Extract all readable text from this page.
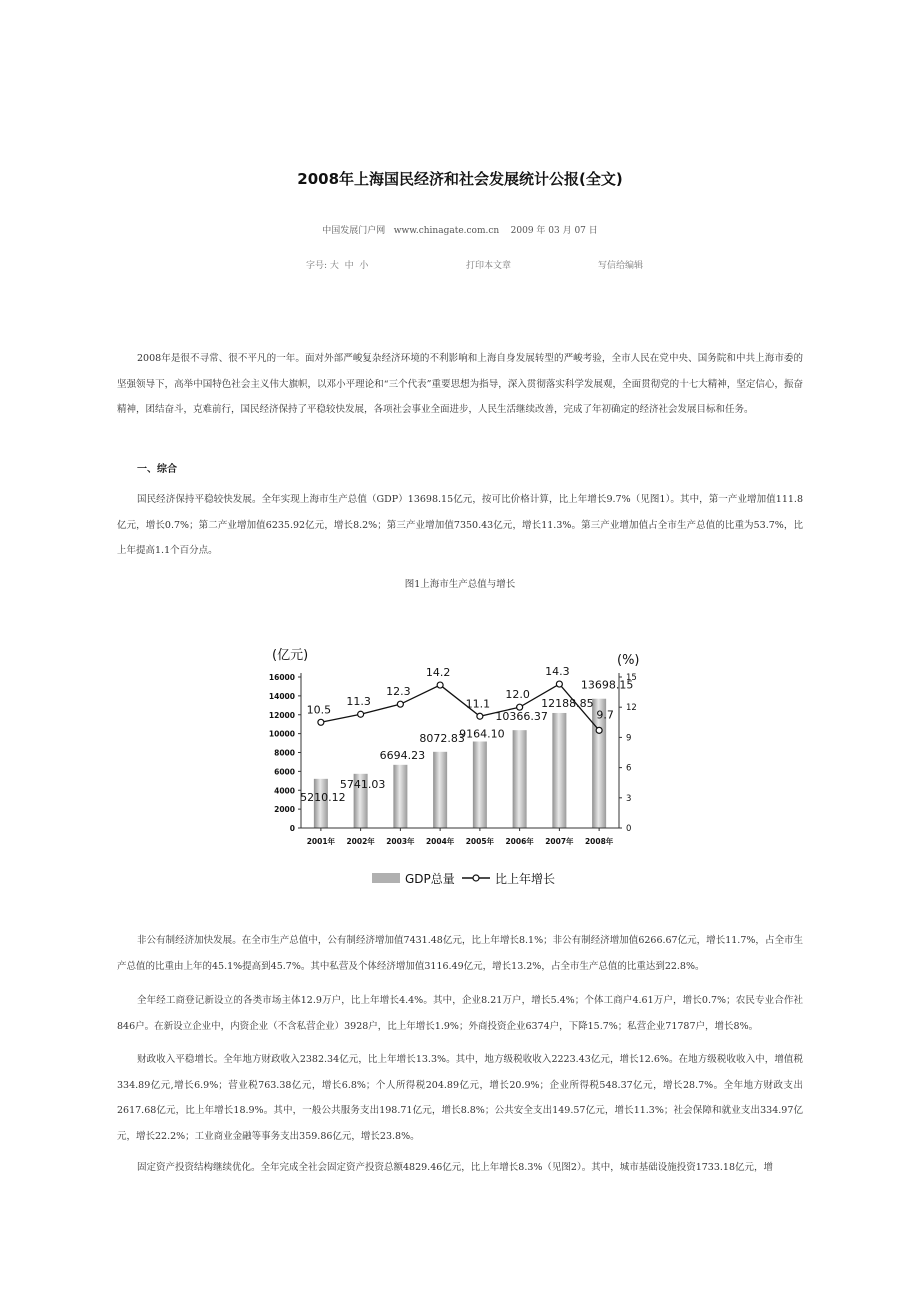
2008年上海国民经济和社会发展统计公报(全文)
中国发展门户网   www.chinagate.com.cn    2009 年 03 月 07 日
字号: 大  中  小	打印本文章	写信给编辑
2008年是很不寻常、很不平凡的一年。面对外部严峻复杂经济环境的不利影响和上海自身发展转型的严峻考验，全市人民在党中央、国务院和中共上海市委的坚强领导下，高举中国特色社会主义伟大旗帜，以邓小平理论和“三个代表”重要思想为指导，深入贯彻落实科学发展观，全面贯彻党的十七大精神，坚定信心，振奋精神，团结奋斗，克难前行，国民经济保持了平稳较快发展，各项社会事业全面进步，人民生活继续改善，完成了年初确定的经济社会发展目标和任务。
一、综合
国民经济保持平稳较快发展。全年实现上海市生产总值（GDP）13698.15亿元，按可比价格计算，比上年增长9.7%（见图1）。其中，第一产业增加值111.8亿元，增长0.7%；第二产业增加值6235.92亿元，增长8.2%；第三产业增加值7350.43亿元，增长11.3%。第三产业增加值占全市生产总值的比重为53.7%，比上年提高1.1个百分点。
图1上海市生产总值与增长
5210.12
5741.03
6694.23
8072.83
9164.10
10366.37
12188.85
13698.15
10.5
11.3
12.3
14.2
11.1
12.0
14.3
9.7
0
2000
4000
6000
8000
10000
12000
14000
16000
0
3
6
9
12
15
2001年 2002年 2003年 2004年 2005年 2006年 2007年 2008年
(亿元)	(%)
GDP总量	比上年增长
非公有制经济加快发展。在全市生产总值中，公有制经济增加值7431.48亿元，比上年增长8.1%；非公有制经济增加值6266.67亿元，增长11.7%，占全市生产总值的比重由上年的45.1%提高到45.7%。其中私营及个体经济增加值3116.49亿元，增长13.2%，占全市生产总值的比重达到22.8%。
全年经工商登记新设立的各类市场主体12.9万户，比上年增长4.4%。其中，企业8.21万户，增长5.4%；个体工商户4.61万户，增长0.7%；农民专业合作社846户。在新设立企业中，内资企业（不含私营企业）3928户，比上年增长1.9%；外商投资企业6374户，下降15.7%；私营企业71787户，增长8%。
财政收入平稳增长。全年地方财政收入2382.34亿元，比上年增长13.3%。其中，地方级税收收入2223.43亿元，增长12.6%。在地方级税收收入中，增值税334.89亿元,增长6.9%；营业税763.38亿元，增长6.8%；个人所得税204.89亿元，增长20.9%；企业所得税548.37亿元，增长28.7%。全年地方财政支出2617.68亿元，比上年增长18.9%。其中，一般公共服务支出198.71亿元，增长8.8%；公共安全支出149.57亿元，增长11.3%；社会保障和就业支出334.97亿元，增长22.2%；工业商业金融等事务支出359.86亿元，增长23.8%。
固定资产投资结构继续优化。全年完成全社会固定资产投资总额4829.46亿元，比上年增长8.3%（见图2）。其中，城市基础设施投资1733.18亿元，增
